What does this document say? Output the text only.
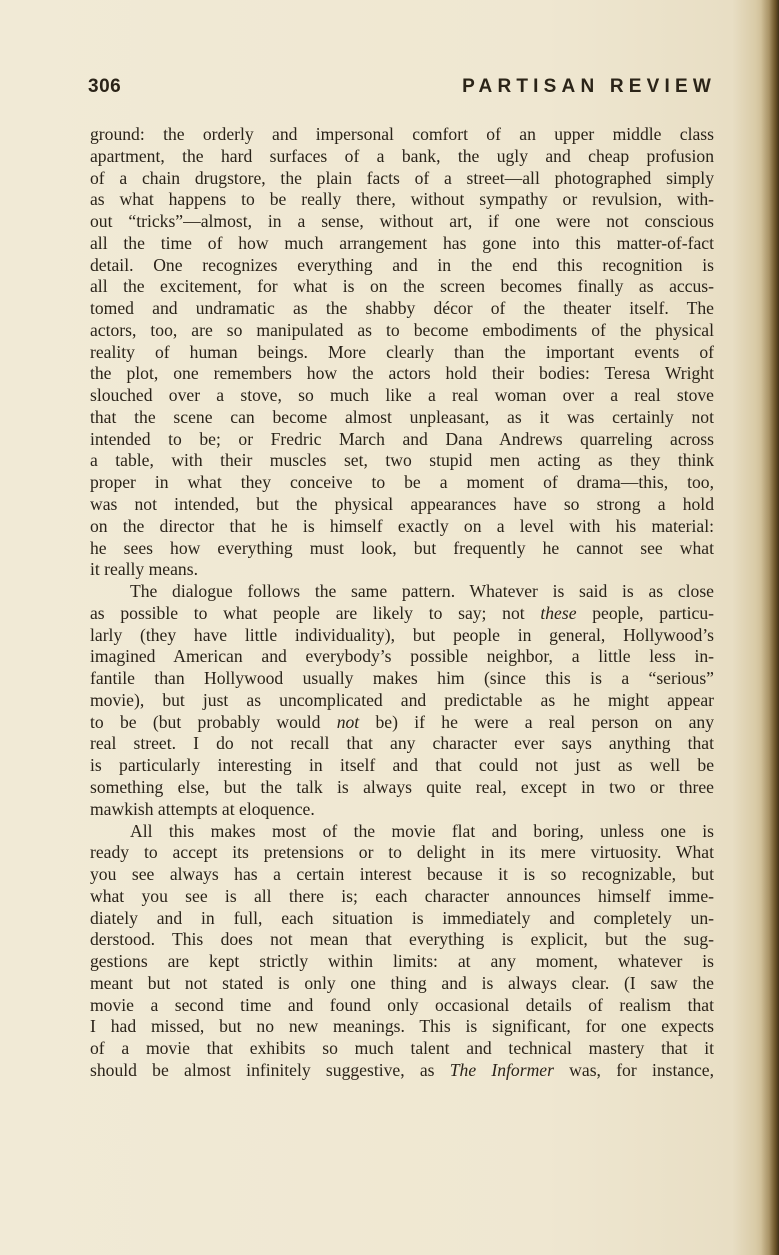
306	PARTISAN REVIEW
ground: the orderly and impersonal comfort of an upper middle class
apartment, the hard surfaces of a bank, the ugly and cheap profusion
of a chain drugstore, the plain facts of a street—all photographed simply
as what happens to be really there, without sympathy or revulsion, with-
out “tricks”—almost, in a sense, without art, if one were not conscious
all the time of how much arrangement has gone into this matter-of-fact
detail. One recognizes everything and in the end this recognition is
all the excitement, for what is on the screen becomes finally as accus-
tomed and undramatic as the shabby décor of the theater itself. The
actors, too, are so manipulated as to become embodiments of the physical
reality of human beings. More clearly than the important events of
the plot, one remembers how the actors hold their bodies: Teresa Wright
slouched over a stove, so much like a real woman over a real stove
that the scene can become almost unpleasant, as it was certainly not
intended to be; or Fredric March and Dana Andrews quarreling across
a table, with their muscles set, two stupid men acting as they think
proper in what they conceive to be a moment of drama—this, too,
was not intended, but the physical appearances have so strong a hold
on the director that he is himself exactly on a level with his material:
he sees how everything must look, but frequently he cannot see what
it really means.
The dialogue follows the same pattern. Whatever is said is as close
as possible to what people are likely to say; not these people, particu-
larly (they have little individuality), but people in general, Hollywood’s
imagined American and everybody’s possible neighbor, a little less in-
fantile than Hollywood usually makes him (since this is a “serious”
movie), but just as uncomplicated and predictable as he might appear
to be (but probably would not be) if he were a real person on any
real street. I do not recall that any character ever says anything that
is particularly interesting in itself and that could not just as well be
something else, but the talk is always quite real, except in two or three
mawkish attempts at eloquence.
All this makes most of the movie flat and boring, unless one is
ready to accept its pretensions or to delight in its mere virtuosity. What
you see always has a certain interest because it is so recognizable, but
what you see is all there is; each character announces himself imme-
diately and in full, each situation is immediately and completely un-
derstood. This does not mean that everything is explicit, but the sug-
gestions are kept strictly within limits: at any moment, whatever is
meant but not stated is only one thing and is always clear. (I saw the
movie a second time and found only occasional details of realism that
I had missed, but no new meanings. This is significant, for one expects
of a movie that exhibits so much talent and technical mastery that it
should be almost infinitely suggestive, as The Informer was, for instance,
